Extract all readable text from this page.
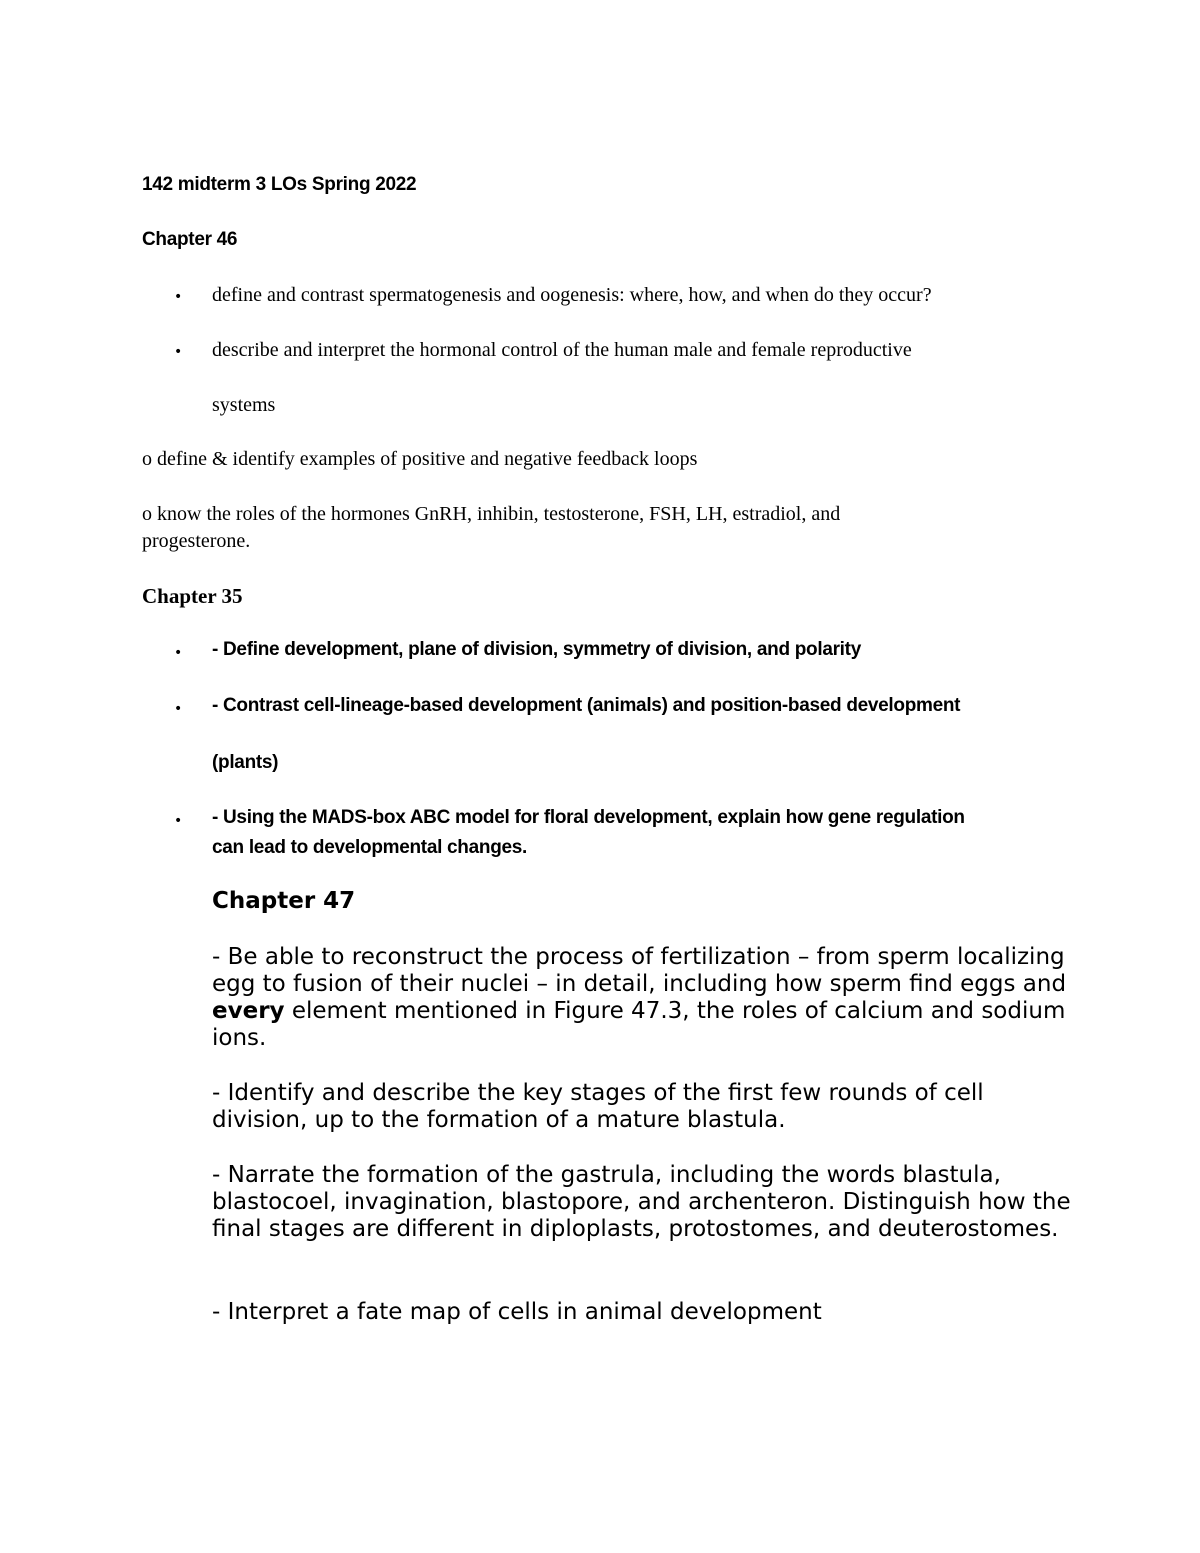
142 midterm 3 LOs Spring 2022
Chapter 46
• define and contrast spermatogenesis and oogenesis: where, how, and when do they occur?
• describe and interpret the hormonal control of the human male and female reproductive
systems
o define & identify examples of positive and negative feedback loops
o know the roles of the hormones GnRH, inhibin, testosterone, FSH, LH, estradiol, and
progesterone.
Chapter 35
• - Define development, plane of division, symmetry of division, and polarity
• - Contrast cell-lineage-based development (animals) and position-based development
(plants)
• - Using the MADS-box ABC model for floral development, explain how gene regulation
can lead to developmental changes.
Chapter 47
- Be able to reconstruct the process of fertilization – from sperm localizing egg to fusion of their nuclei – in detail, including how sperm find eggs and every element mentioned in Figure 47.3, the roles of calcium and sodium ions.
- Identify and describe the key stages of the first few rounds of cell division, up to the formation of a mature blastula.
- Narrate the formation of the gastrula, including the words blastula, blastocoel, invagination, blastopore, and archenteron. Distinguish how the final stages are different in diploplasts, protostomes, and deuterostomes.
- Interpret a fate map of cells in animal development
